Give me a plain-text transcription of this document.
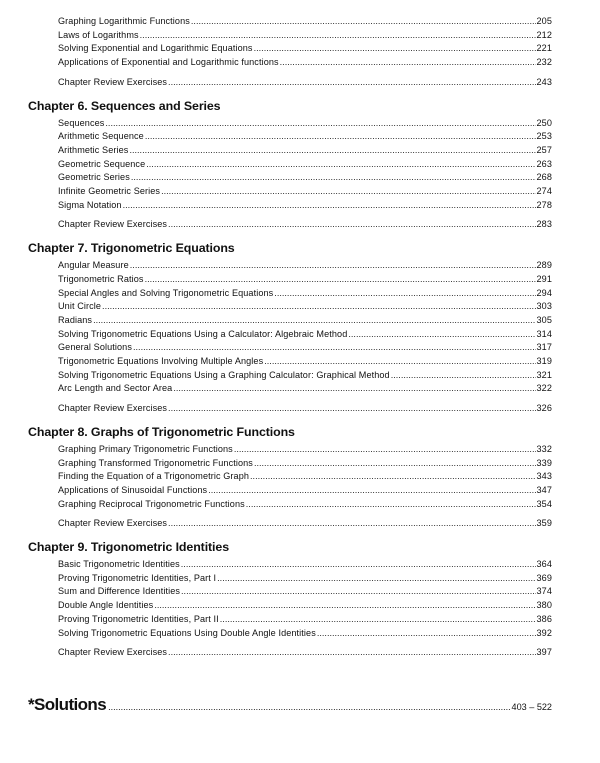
Graphing Logarithmic Functions .....	205
Laws of Logarithms .....	212
Solving Exponential and Logarithmic Equations .....	221
Applications of Exponential and Logarithmic functions .....	232
Chapter Review Exercises .....	243
Chapter 6. Sequences and Series
Sequences .....	250
Arithmetic Sequence .....	253
Arithmetic Series .....	257
Geometric Sequence .....	263
Geometric Series .....	268
Infinite Geometric Series .....	274
Sigma Notation .....	278
Chapter Review Exercises .....	283
Chapter 7. Trigonometric Equations
Angular Measure .....	289
Trigonometric Ratios .....	291
Special Angles and Solving Trigonometric Equations .....	294
Unit Circle .....	303
Radians .....	305
Solving Trigonometric Equations Using a Calculator: Algebraic Method .....	314
General Solutions .....	317
Trigonometric Equations Involving Multiple Angles .....	319
Solving Trigonometric Equations Using a Graphing Calculator: Graphical Method .....	321
Arc Length and Sector Area .....	322
Chapter Review Exercises .....	326
Chapter 8. Graphs of Trigonometric Functions
Graphing Primary Trigonometric Functions .....	332
Graphing Transformed Trigonometric Functions .....	339
Finding the Equation of a Trigonometric Graph .....	343
Applications of Sinusoidal Functions .....	347
Graphing Reciprocal Trigonometric Functions .....	354
Chapter Review Exercises .....	359
Chapter 9. Trigonometric Identities
Basic Trigonometric Identities .....	364
Proving Trigonometric Identities, Part I .....	369
Sum and Difference Identities .....	374
Double Angle Identities .....	380
Proving Trigonometric Identities, Part II .....	386
Solving Trigonometric Equations Using Double Angle Identities .....	392
Chapter Review Exercises .....	397
*Solutions .....	403 – 522
